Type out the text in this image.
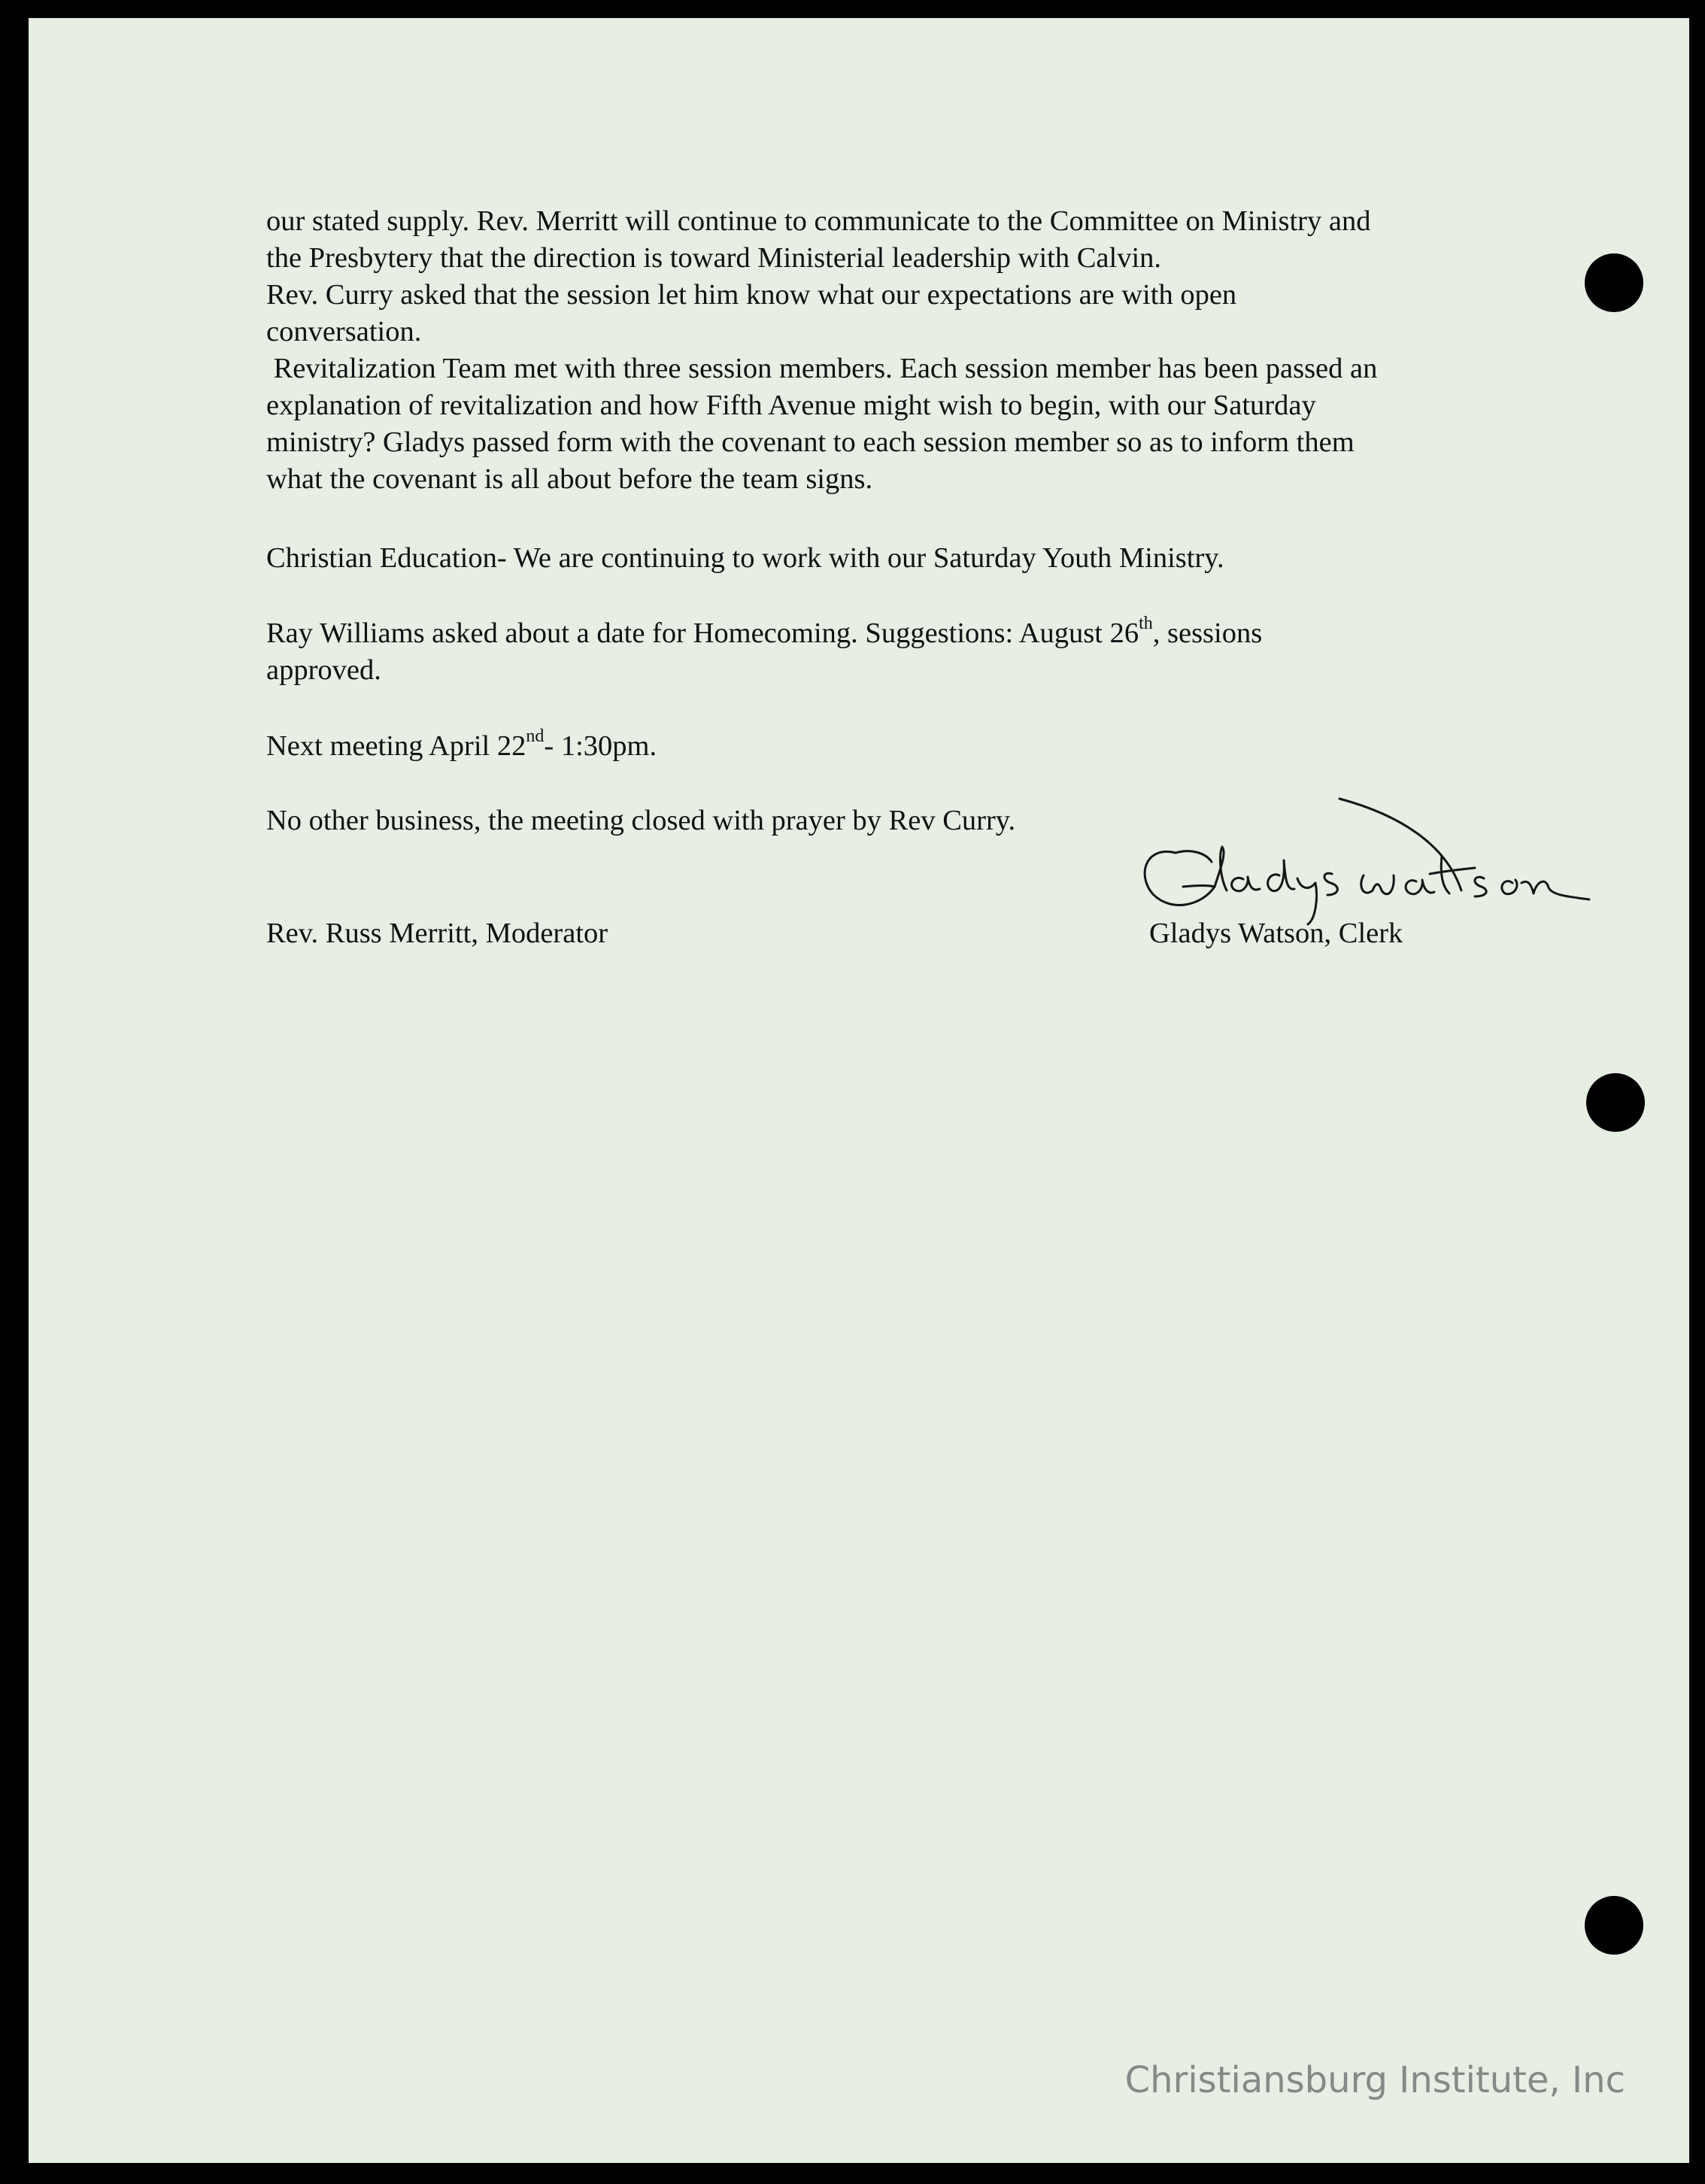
our stated supply. Rev. Merritt will continue to communicate to the Committee on Ministry and
the Presbytery that the direction is toward Ministerial leadership with Calvin.
Rev. Curry asked that the session let him know what our expectations are with open
conversation.
Revitalization Team met with three session members. Each session member has been passed an
explanation of revitalization and how Fifth Avenue might wish to begin, with our Saturday
ministry? Gladys passed form with the covenant to each session member so as to inform them
what the covenant is all about before the team signs.
Christian Education- We are continuing to work with our Saturday Youth Ministry.
Ray Williams asked about a date for Homecoming. Suggestions: August 26th, sessions
approved.
Next meeting April 22nd- 1:30pm.
No other business, the meeting closed with prayer by Rev Curry.
Rev. Russ Merritt, Moderator	Gladys Watson, Clerk
Christiansburg Institute, Inc
